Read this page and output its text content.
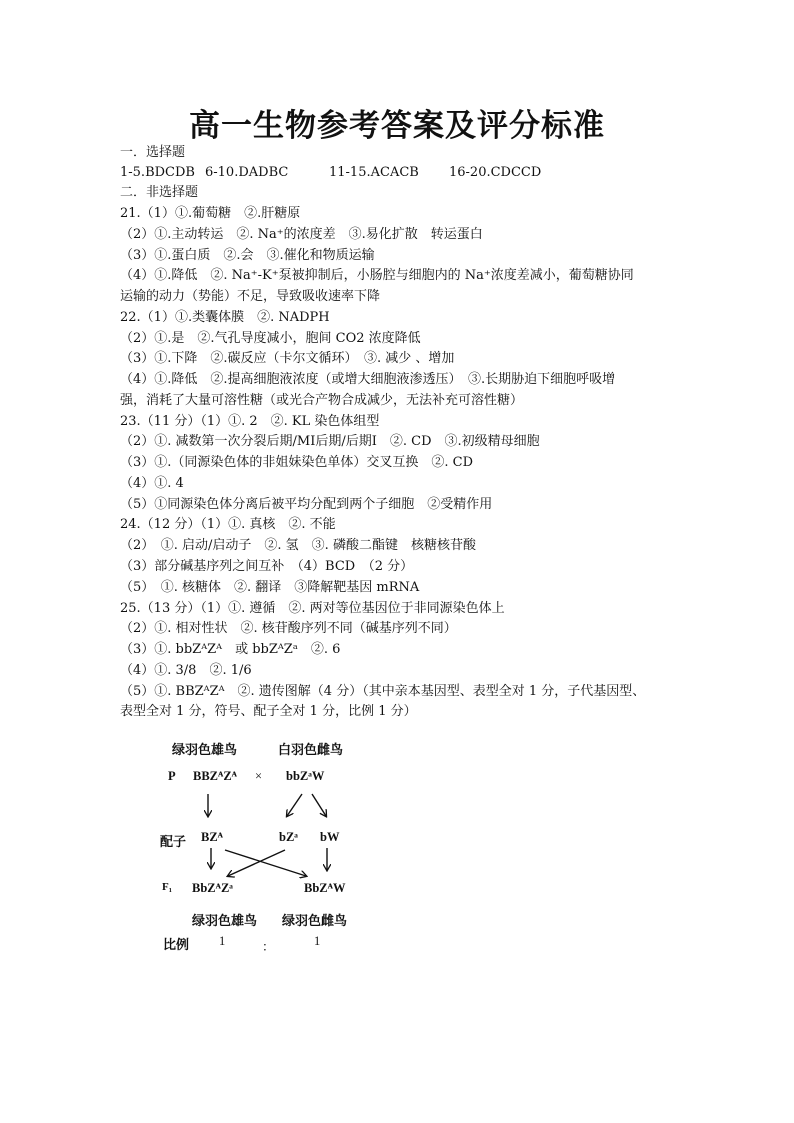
高一生物参考答案及评分标准
一．选择题
1-5.BDCDB 6-10.DADBC	11-15.ACACB 16-20.CDCCD
二．非选择题
21.（1）①.葡萄糖　②.肝糖原
（2）①.主动转运　②. Na⁺的浓度差　③.易化扩散　转运蛋白
（3）①.蛋白质　②.会　③.催化和物质运输
（4）①.降低　②. Na⁺-K⁺泵被抑制后，小肠腔与细胞内的 Na⁺浓度差减小，葡萄糖协同
运输的动力（势能）不足，导致吸收速率下降
22.（1）①.类囊体膜　②. NADPH
（2）①.是　②.气孔导度减小，胞间 CO2 浓度降低
（3）①.下降　②.碳反应（卡尔文循环）　③. 减少 、增加
（4）①.降低　②.提高细胞液浓度（或增大细胞液渗透压）　③.长期胁迫下细胞呼吸增
强，消耗了大量可溶性糖（或光合产物合成减少，无法补充可溶性糖）
23.（11 分）（1）①. 2　②. KL 染色体组型
（2）①. 减数第一次分裂后期/MI后期/后期I　②. CD　③.初级精母细胞
（3）①.（同源染色体的非姐妹染色单体）交叉互换　②. CD
（4）①. 4
（5）①同源染色体分离后被平均分配到两个子细胞　②受精作用
24.（12 分）（1）①. 真核　②. 不能
（2）　①. 启动/启动子　②. 氢　③. 磷酸二酯键　核糖核苷酸
（3）部分碱基序列之间互补　（4）BCD　（2 分）
（5）　①. 核糖体　②. 翻译　③降解靶基因 mRNA
25.（13 分）（1）①. 遵循　②. 两对等位基因位于非同源染色体上
（2）①. 相对性状　②. 核苷酸序列不同（碱基序列不同）
（3）①. bbZᴬZᴬ　或 bbZᴬZᵃ　②. 6
（4）①. 3/8　②. 1/6
（5）①. BBZᴬZᴬ　②. 遗传图解（4 分）（其中亲本基因型、表型全对 1 分，子代基因型、
表型全对 1 分，符号、配子全对 1 分，比例 1 分）
绿羽色雄鸟	白羽色雌鸟
P BBZᴬZᴬ × bbZᵃW
配子 BZᴬ	bZᵃ bW
F₁ BbZᴬZᵃ	BbZᴬW
绿羽色雄鸟 绿羽色雌鸟
比例 1	：	1
